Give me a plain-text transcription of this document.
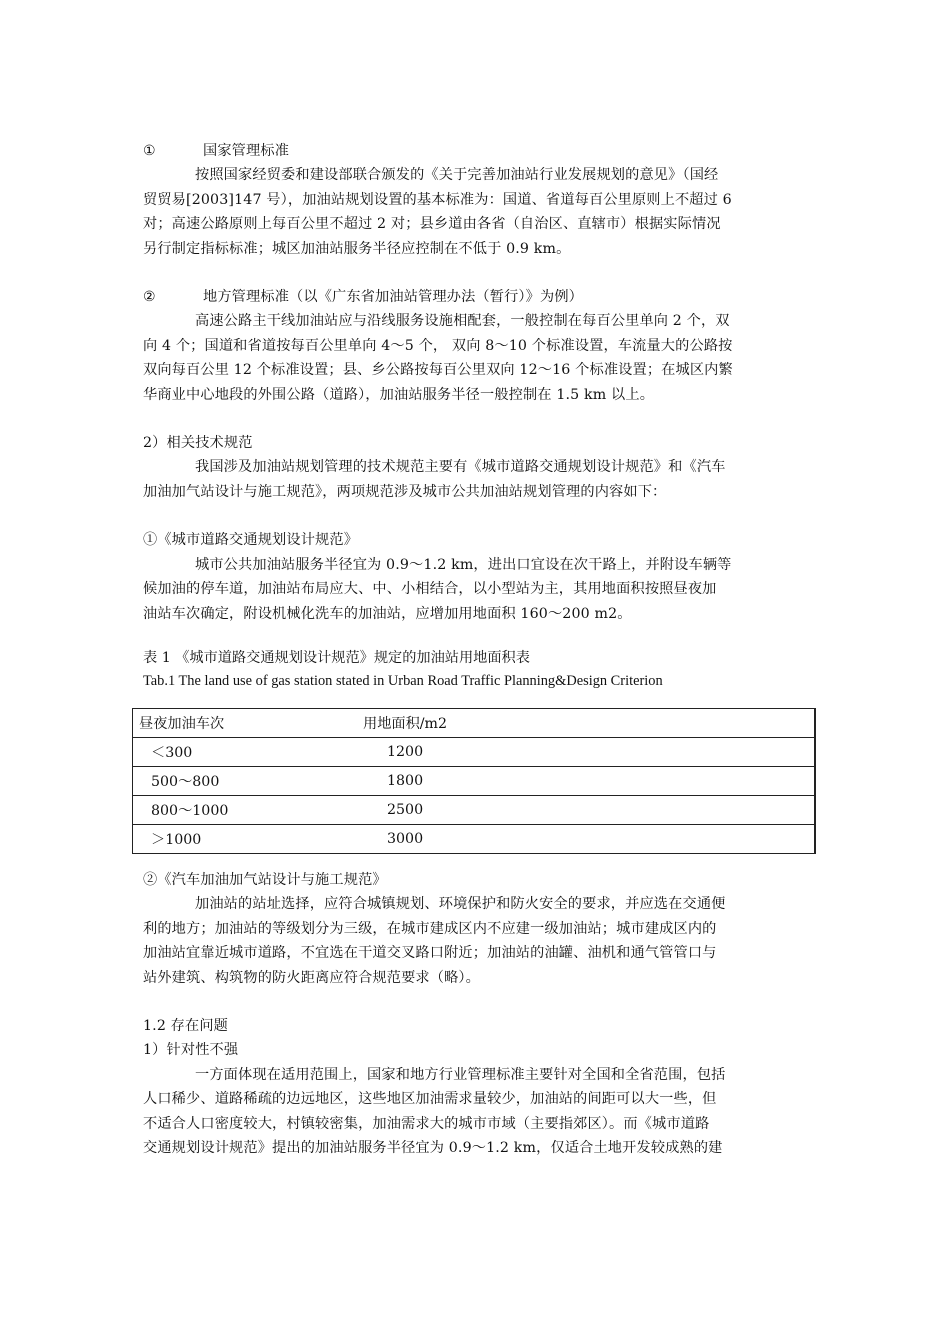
①	国家管理标准
按照国家经贸委和建设部联合颁发的《关于完善加油站行业发展规划的意见》（国经
贸贸易[2003]147 号），加油站规划设置的基本标准为：国道、省道每百公里原则上不超过 6
对；高速公路原则上每百公里不超过 2 对；县乡道由各省（自治区、直辖市）根据实际情况
另行制定指标标准；城区加油站服务半径应控制在不低于 0.9 km。
②	地方管理标准（以《广东省加油站管理办法（暂行）》为例）
高速公路主干线加油站应与沿线服务设施相配套，一般控制在每百公里单向 2 个，双
向 4 个；国道和省道按每百公里单向 4～5 个， 双向 8～10 个标准设置，车流量大的公路按
双向每百公里 12 个标准设置；县、乡公路按每百公里双向 12～16 个标准设置；在城区内繁
华商业中心地段的外围公路（道路），加油站服务半径一般控制在 1.5 km 以上。
2）相关技术规范
我国涉及加油站规划管理的技术规范主要有《城市道路交通规划设计规范》和《汽车
加油加气站设计与施工规范》，两项规范涉及城市公共加油站规划管理的内容如下：
①《城市道路交通规划设计规范》
城市公共加油站服务半径宜为 0.9～1.2 km，进出口宜设在次干路上，并附设车辆等
候加油的停车道，加油站布局应大、中、小相结合，以小型站为主，其用地面积按照昼夜加
油站车次确定，附设机械化洗车的加油站，应增加用地面积 160～200 m2。
表 1 《城市道路交通规划设计规范》规定的加油站用地面积表
Tab.1 The land use of gas station stated in Urban Road Traffic Planning&Design Criterion
昼夜加油车次	用地面积/m2
＜300	1200
500～800	1800
800～1000	2500
＞1000	3000
②《汽车加油加气站设计与施工规范》
加油站的站址选择，应符合城镇规划、环境保护和防火安全的要求，并应选在交通便
利的地方；加油站的等级划分为三级，在城市建成区内不应建一级加油站；城市建成区内的
加油站宜靠近城市道路，不宜选在干道交叉路口附近；加油站的油罐、油机和通气管管口与
站外建筑、构筑物的防火距离应符合规范要求（略）。
1.2 存在问题
1）针对性不强
一方面体现在适用范围上，国家和地方行业管理标准主要针对全国和全省范围，包括
人口稀少、道路稀疏的边远地区，这些地区加油需求量较少，加油站的间距可以大一些，但
不适合人口密度较大，村镇较密集，加油需求大的城市市域（主要指郊区）。而《城市道路
交通规划设计规范》提出的加油站服务半径宜为 0.9～1.2 km，仅适合土地开发较成熟的建
